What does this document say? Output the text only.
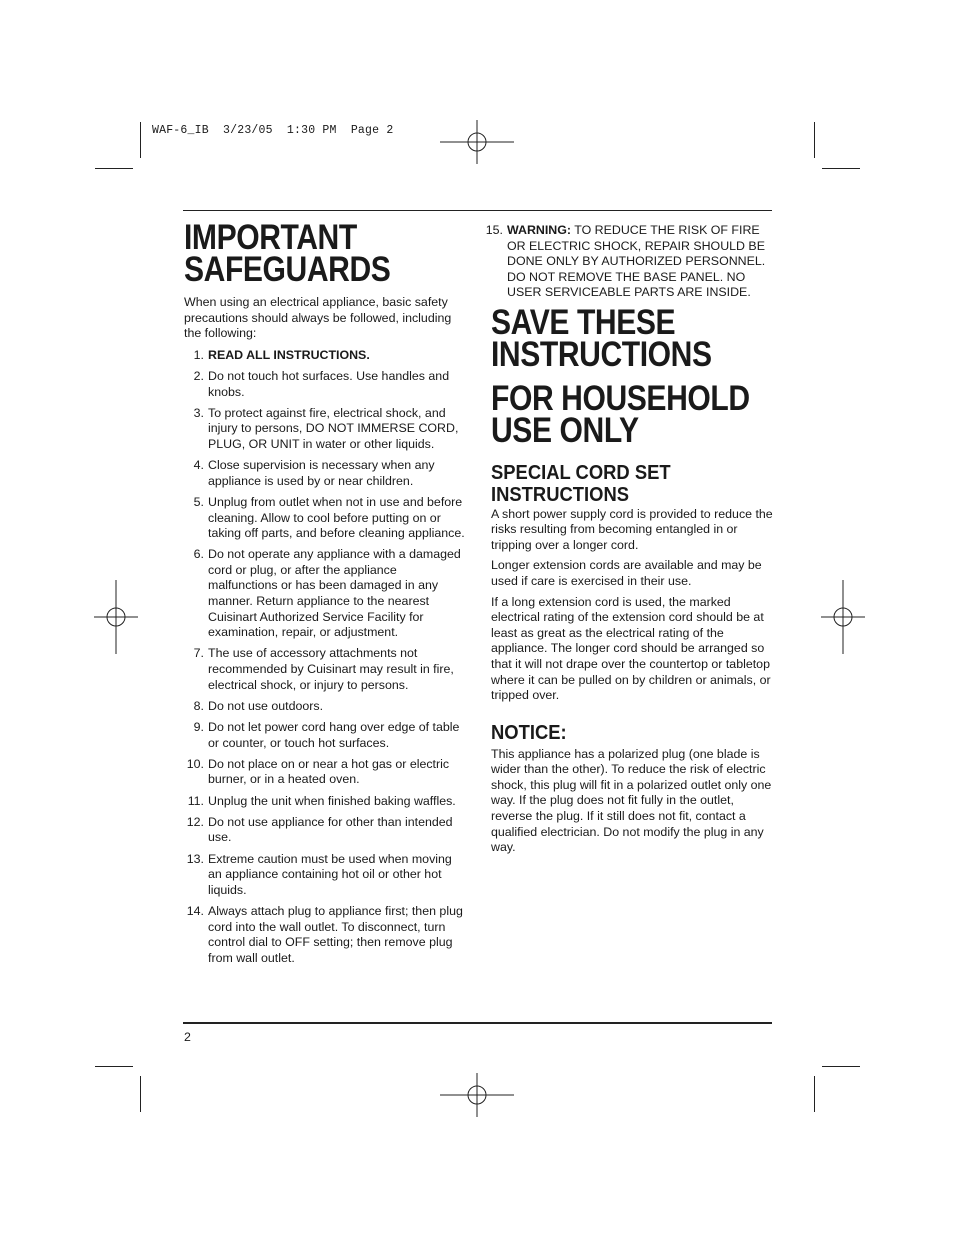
WAF-6_IB  3/23/05  1:30 PM  Page 2
IMPORTANT
SAFEGUARDS

When using an electrical appliance, basic safety precautions should always be followed, including the following:

1. READ ALL INSTRUCTIONS.
2. Do not touch hot surfaces. Use handles and knobs.
3. To protect against fire, electrical shock, and injury to persons, DO NOT IMMERSE CORD, PLUG, OR UNIT in water or other liquids.
4. Close supervision is necessary when any appliance is used by or near children.
5. Unplug from outlet when not in use and before cleaning. Allow to cool before putting on or taking off parts, and before cleaning appliance.
6. Do not operate any appliance with a damaged cord or plug, or after the appliance malfunctions or has been damaged in any manner. Return appliance to the nearest Cuisinart Authorized Service Facility for examination, repair, or adjustment.
7. The use of accessory attachments not recommended by Cuisinart may result in fire, electrical shock, or injury to persons.
8. Do not use outdoors.
9. Do not let power cord hang over edge of table or counter, or touch hot surfaces.
10. Do not place on or near a hot gas or electric burner, or in a heated oven.
11. Unplug the unit when finished baking waffles.
12. Do not use appliance for other than intended use.
13. Extreme caution must be used when moving an appliance containing hot oil or other hot liquids.
14. Always attach plug to appliance first; then plug cord into the wall outlet. To disconnect, turn control dial to OFF setting; then remove plug from wall outlet.
15. WARNING: TO REDUCE THE RISK OF FIRE OR ELECTRIC SHOCK, REPAIR SHOULD BE DONE ONLY BY AUTHORIZED PERSONNEL. DO NOT REMOVE THE BASE PANEL. NO USER SERVICEABLE PARTS ARE INSIDE.
SAVE THESE
INSTRUCTIONS
FOR HOUSEHOLD
USE ONLY
SPECIAL CORD SET
INSTRUCTIONS

A short power supply cord is provided to reduce the risks resulting from becoming entangled in or tripping over a longer cord.

Longer extension cords are available and may be used if care is exercised in their use.

If a long extension cord is used, the marked electrical rating of the extension cord should be at least as great as the electrical rating of the appliance. The longer cord should be arranged so that it will not drape over the countertop or tabletop where it can be pulled on by children or animals, or tripped over.

NOTICE:

This appliance has a polarized plug (one blade is wider than the other). To reduce the risk of electric shock, this plug will fit in a polarized outlet only one way. If the plug does not fit fully in the outlet, reverse the plug. If it still does not fit, contact a qualified electrician. Do not modify the plug in any way.

2
